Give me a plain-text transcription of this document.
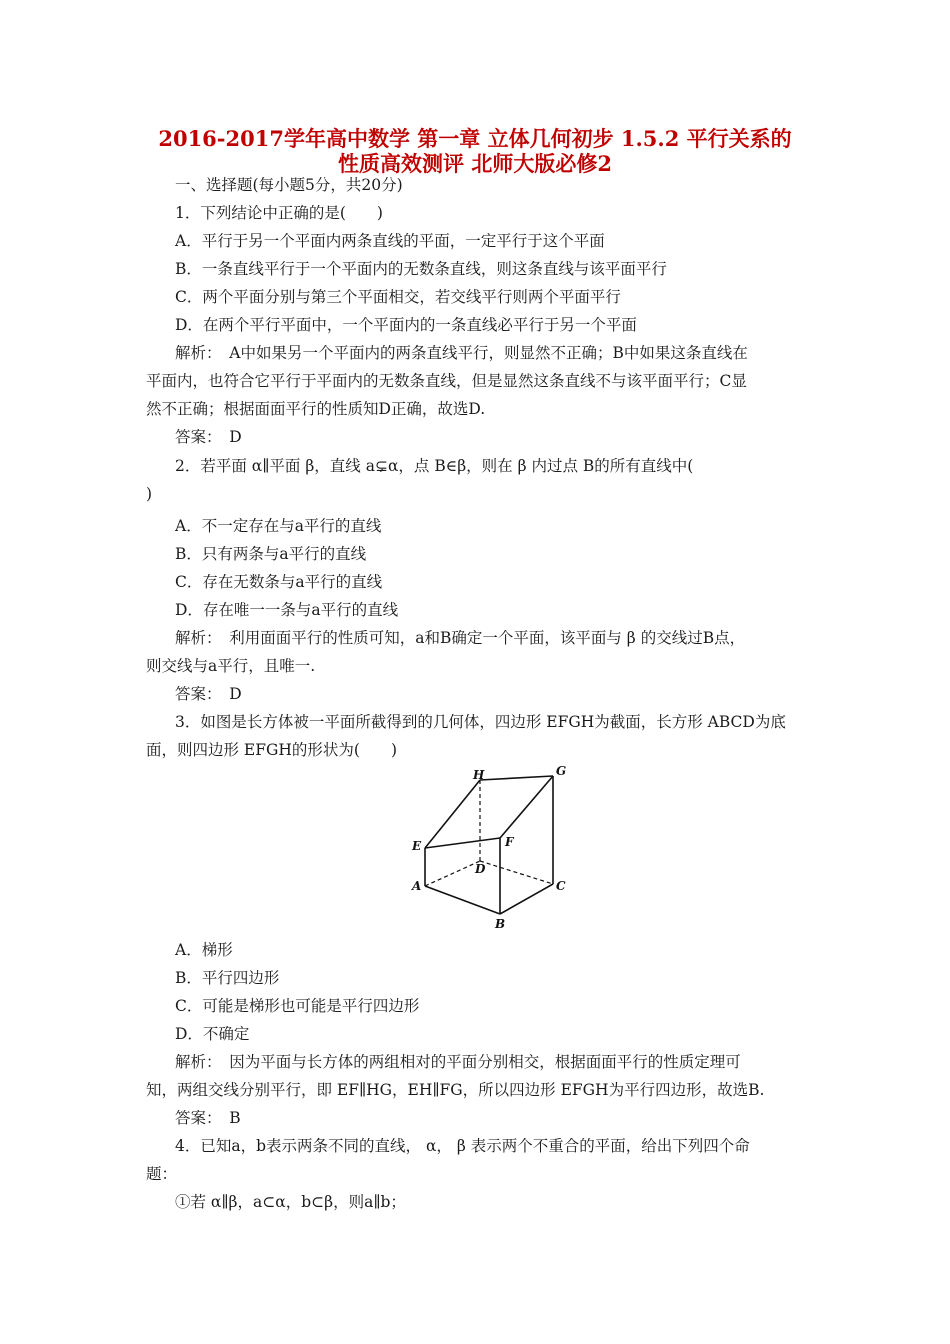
2016-2017学年高中数学 第一章 立体几何初步 1.5.2 平行关系的
性质高效测评 北师大版必修2
一、选择题(每小题5分，共20分)
1．下列结论中正确的是(　　)
A．平行于另一个平面内两条直线的平面，一定平行于这个平面
B．一条直线平行于一个平面内的无数条直线，则这条直线与该平面平行
C．两个平面分别与第三个平面相交，若交线平行则两个平面平行
D．在两个平行平面中，一个平面内的一条直线必平行于另一个平面
解析：　A中如果另一个平面内的两条直线平行，则显然不正确；B中如果这条直线在
平面内，也符合它平行于平面内的无数条直线，但是显然这条直线不与该平面平行；C显
然不正确；根据面面平行的性质知D正确，故选D.
答案：　D
2．若平面 α∥平面 β，直线 a⊊α，点 B∈β，则在 β 内过点 B的所有直线中(
)
A．不一定存在与a平行的直线
B．只有两条与a平行的直线
C．存在无数条与a平行的直线
D．存在唯一一条与a平行的直线
解析：　利用面面平行的性质可知，a和B确定一个平面，该平面与 β 的交线过B点，
则交线与a平行，且唯一.
答案：　D
3．如图是长方体被一平面所截得到的几何体，四边形 EFGH为截面，长方形 ABCD为底
面，则四边形 EFGH的形状为(　　)
H	G
E	F
D
A	C
B
A．梯形
B．平行四边形
C．可能是梯形也可能是平行四边形
D．不确定
解析：　因为平面与长方体的两组相对的平面分别相交，根据面面平行的性质定理可
知，两组交线分别平行，即 EF∥HG，EH∥FG，所以四边形 EFGH为平行四边形，故选B.
答案：　B
4．已知a，b表示两条不同的直线， α， β 表示两个不重合的平面，给出下列四个命
题：
①若 α∥β，a⊂α，b⊂β，则a∥b；
